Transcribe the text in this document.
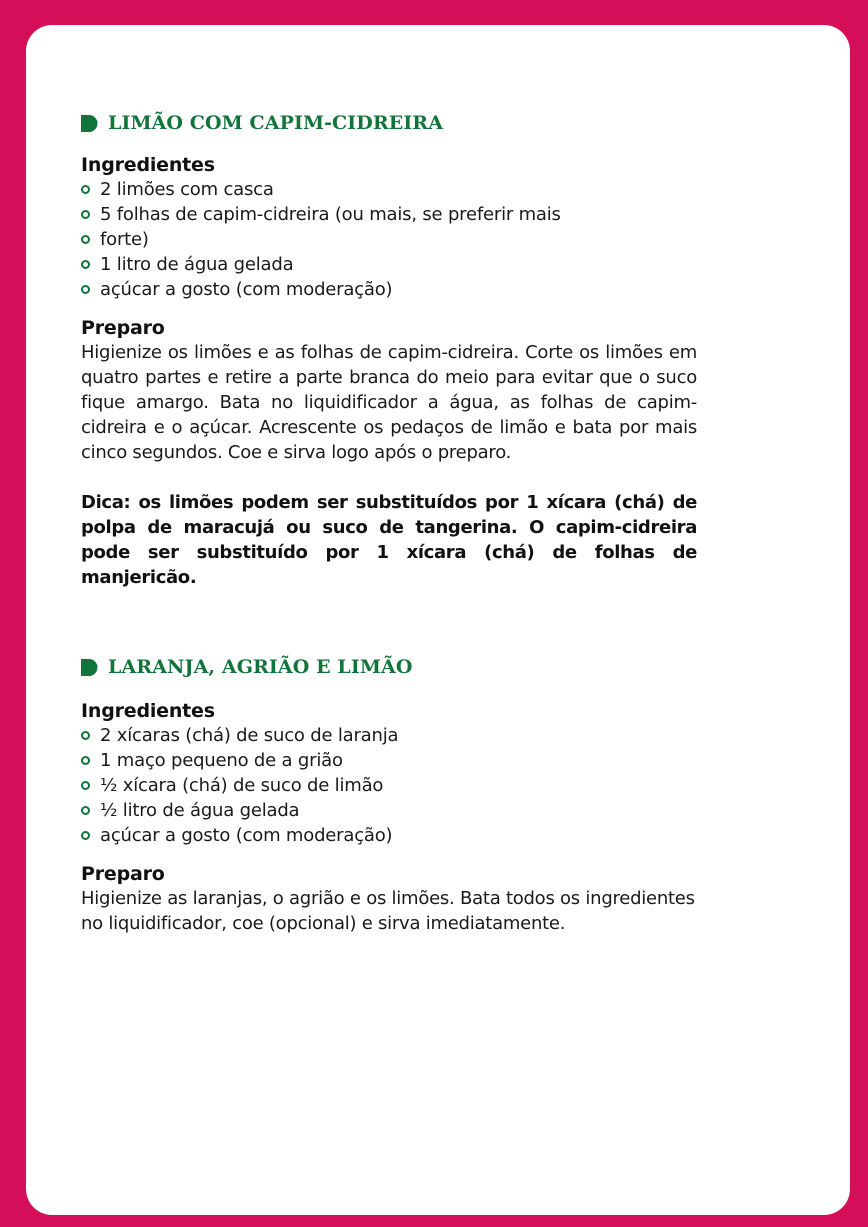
LIMÃO COM CAPIM-CIDREIRA
Ingredientes
2 limões com casca
5 folhas de capim-cidreira (ou mais, se preferir mais
forte)
1 litro de água gelada
açúcar a gosto (com moderação)
Preparo

Higienize os limões e as folhas de capim-cidreira. Corte os limões em quatro partes e retire a parte branca do meio para evitar que o suco fique amargo. Bata no liquidificador a água, as folhas de capim-cidreira e o açúcar. Acrescente os pedaços de limão e bata por mais cinco segundos. Coe e sirva logo após o preparo.

Dica: os limões podem ser substituídos por 1 xícara (chá) de polpa de maracujá ou suco de tangerina. O capim-cidreira pode ser substituído por 1 xícara (chá) de folhas de manjericão.

LARANJA, AGRIÃO E LIMÃO
Ingredientes
2 xícaras (chá) de suco de laranja
1 maço pequeno de a grião
½ xícara (chá) de suco de limão
½ litro de água gelada
açúcar a gosto (com moderação)
Preparo

Higienize as laranjas, o agrião e os limões. Bata todos os ingredientes no liquidificador, coe (opcional) e sirva imediatamente.
